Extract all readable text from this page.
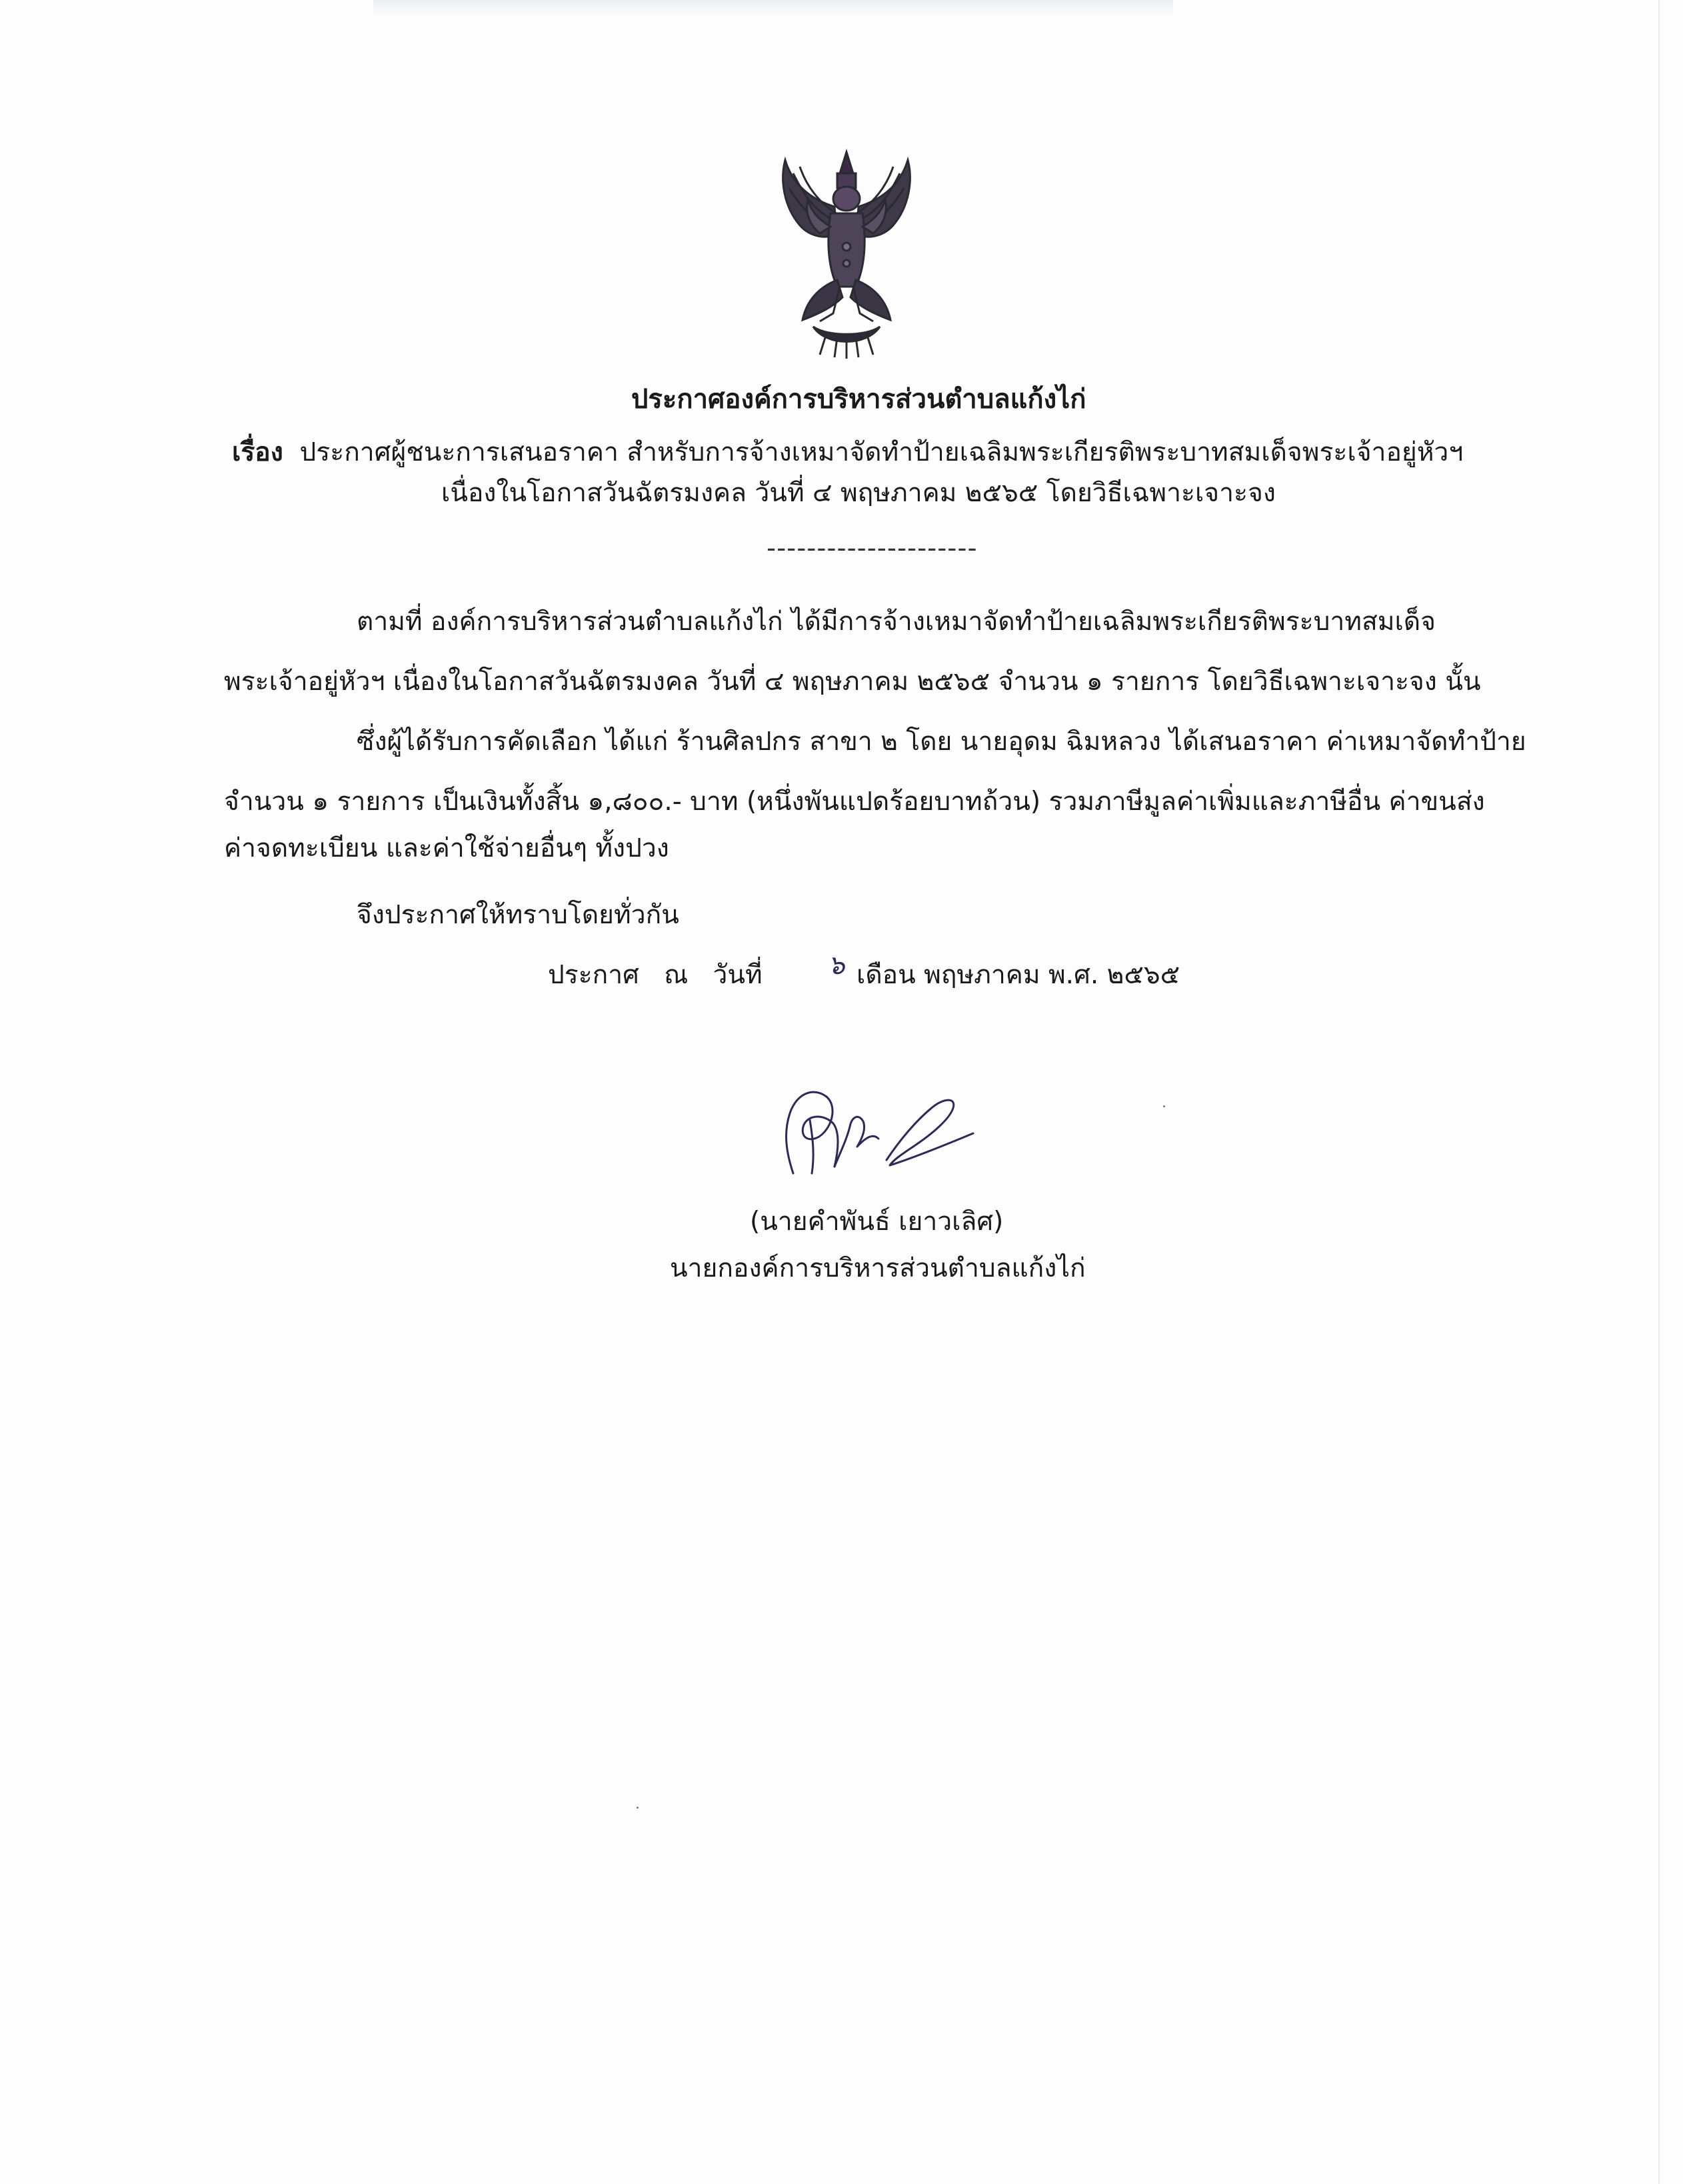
ประกาศองค์การบริหารส่วนตำบลแก้งไก่
เรื่อง ประกาศผู้ชนะการเสนอราคา สำหรับการจ้างเหมาจัดทำป้ายเฉลิมพระเกียรติพระบาทสมเด็จพระเจ้าอยู่หัวฯ
เนื่องในโอกาสวันฉัตรมงคล วันที่ ๔ พฤษภาคม ๒๕๖๕ โดยวิธีเฉพาะเจาะจง
---------------------
ตามที่ องค์การบริหารส่วนตำบลแก้งไก่ ได้มีการจ้างเหมาจัดทำป้ายเฉลิมพระเกียรติพระบาทสมเด็จ
พระเจ้าอยู่หัวฯ เนื่องในโอกาสวันฉัตรมงคล วันที่ ๔ พฤษภาคม ๒๕๖๕ จำนวน ๑ รายการ โดยวิธีเฉพาะเจาะจง นั้น
ซึ่งผู้ได้รับการคัดเลือก ได้แก่ ร้านศิลปกร สาขา ๒ โดย นายอุดม ฉิมหลวง ได้เสนอราคา ค่าเหมาจัดทำป้าย
จำนวน ๑ รายการ เป็นเงินทั้งสิ้น ๑,๘๐๐.- บาท (หนึ่งพันแปดร้อยบาทถ้วน) รวมภาษีมูลค่าเพิ่มและภาษีอื่น ค่าขนส่ง
ค่าจดทะเบียน และค่าใช้จ่ายอื่นๆ ทั้งปวง
จึงประกาศให้ทราบโดยทั่วกัน
ประกาศ   ณ   วันที่ ๖ เดือน พฤษภาคม พ.ศ. ๒๕๖๕
(นายคำพันธ์ เยาวเลิศ)
นายกองค์การบริหารส่วนตำบลแก้งไก่
